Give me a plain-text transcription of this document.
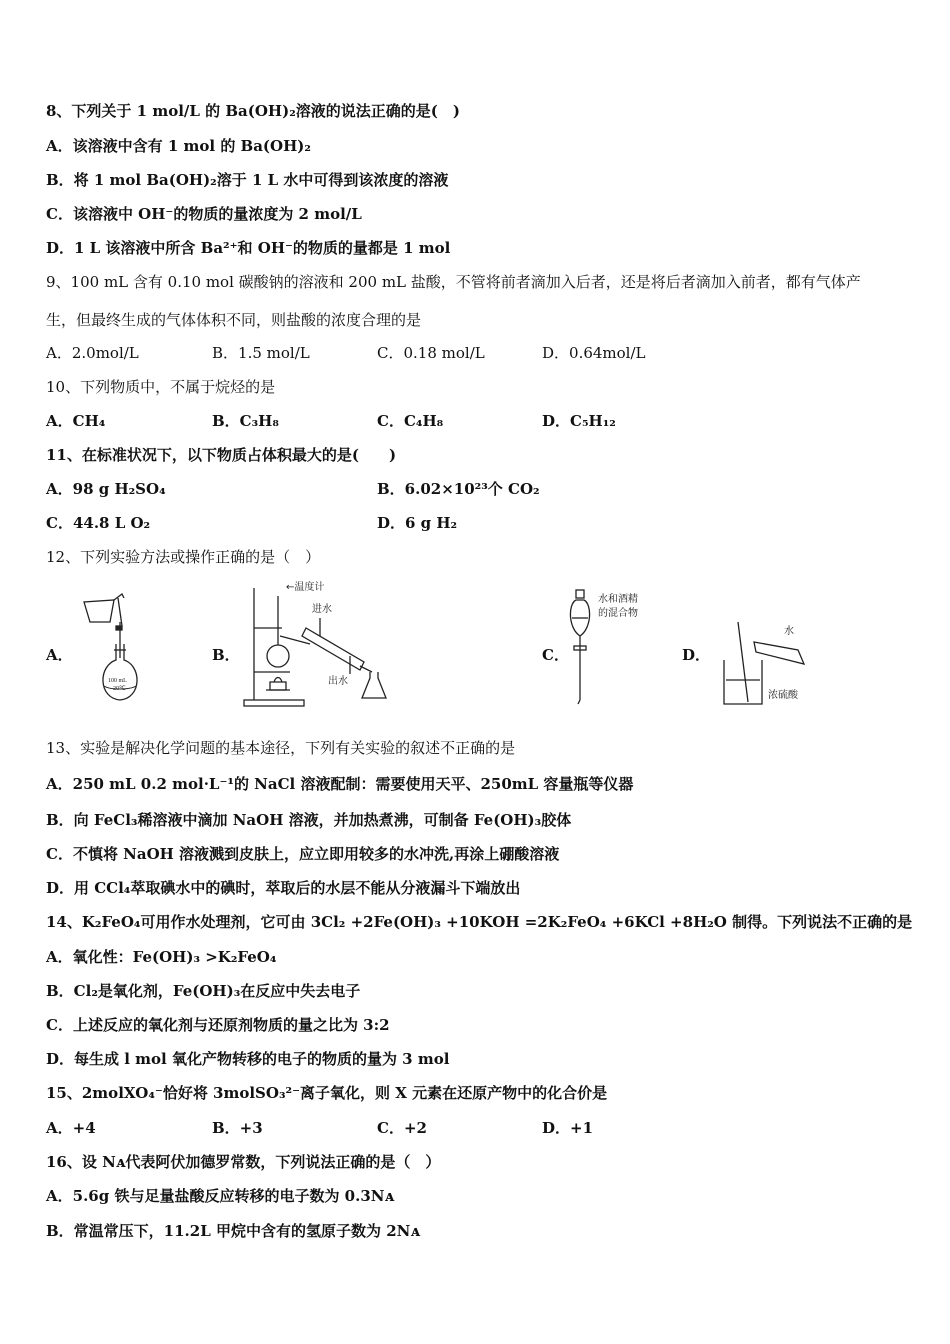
8、下列关于 1 mol/L 的 Ba(OH)₂溶液的说法正确的是(　)
A．该溶液中含有 1 mol 的 Ba(OH)₂
B．将 1 mol Ba(OH)₂溶于 1 L 水中可得到该浓度的溶液
C．该溶液中 OH⁻的物质的量浓度为 2 mol/L
D．1 L 该溶液中所含 Ba²⁺和 OH⁻的物质的量都是 1 mol
9、100 mL 含有 0.10 mol 碳酸钠的溶液和 200 mL 盐酸，不管将前者滴加入后者，还是将后者滴加入前者，都有气体产
生，但最终生成的气体体积不同，则盐酸的浓度合理的是
A．2.0mol/L	B．1.5 mol/L	C．0.18 mol/L	D．0.64mol/L
10、下列物质中，不属于烷烃的是
A．CH₄	B．C₃H₈	C．C₄H₈	D．C₅H₁₂
11、在标准状况下，以下物质占体积最大的是(　　)
A．98 g H₂SO₄	B．6.02×10²³个 CO₂
C．44.8 L O₂	D．6 g H₂
12、下列实验方法或操作正确的是（　）
A．	B．	C．	D．
100 mL
20℃
←温度计
进水
出水
水和酒精
的混合物
水
浓硫酸
13、实验是解决化学问题的基本途径，下列有关实验的叙述不正确的是
A．250 mL 0.2 mol·L⁻¹的 NaCl 溶液配制：需要使用天平、250mL 容量瓶等仪器
B．向 FeCl₃稀溶液中滴加 NaOH 溶液，并加热煮沸，可制备 Fe(OH)₃胶体
C．不慎将 NaOH 溶液溅到皮肤上，应立即用较多的水冲洗,再涂上硼酸溶液
D．用 CCl₄萃取碘水中的碘时，萃取后的水层不能从分液漏斗下端放出
14、K₂FeO₄可用作水处理剂，它可由 3Cl₂ +2Fe(OH)₃ +10KOH =2K₂FeO₄ +6KCl +8H₂O 制得。下列说法不正确的是
A．氧化性：Fe(OH)₃ >K₂FeO₄
B．Cl₂是氧化剂，Fe(OH)₃在反应中失去电子
C．上述反应的氧化剂与还原剂物质的量之比为 3:2
D．每生成 l mol 氧化产物转移的电子的物质的量为 3 mol
15、2molXO₄⁻恰好将 3molSO₃²⁻离子氧化，则 X 元素在还原产物中的化合价是
A．+4	B．+3	C．+2	D．+1
16、设 Nᴀ代表阿伏加德罗常数，下列说法正确的是（　）
A．5.6g 铁与足量盐酸反应转移的电子数为 0.3Nᴀ
B．常温常压下，11.2L 甲烷中含有的氢原子数为 2Nᴀ
